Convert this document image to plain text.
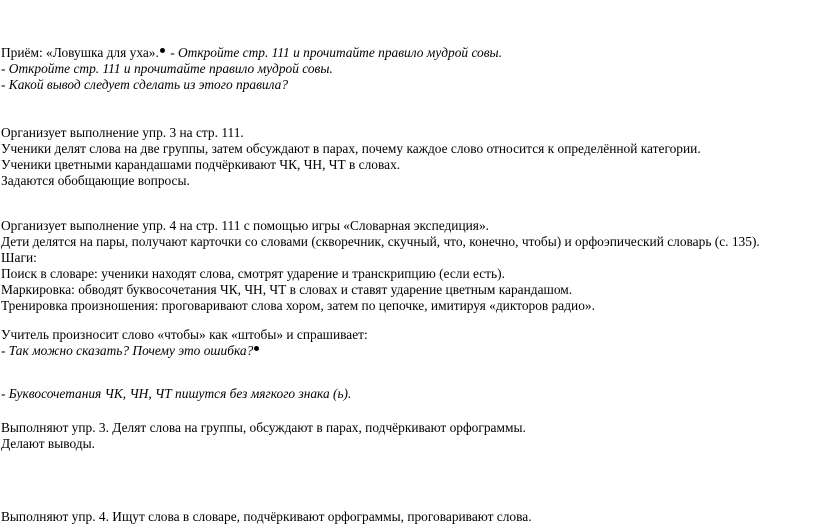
Приём: «Ловушка для уха». - Откройте стр. 111 и прочитайте правило мудрой совы.
- Откройте стр. 111 и прочитайте правило мудрой совы.
- Какой вывод следует сделать из этого правила?
Организует выполнение упр. 3 на стр. 111.
Ученики делят слова на две группы, затем обсуждают в парах, почему каждое слово относится к определённой категории.
Ученики цветными карандашами подчёркивают ЧК, ЧН, ЧТ в словах.
Задаются обобщающие вопросы.
Организует выполнение упр. 4 на стр. 111 с помощью игры «Словарная экспедиция».
Дети делятся на пары, получают карточки со словами (скворечник, скучный, что, конечно, чтобы) и орфоэпический словарь (с. 135).
Шаги:
Поиск в словаре: ученики находят слова, смотрят ударение и транскрипцию (если есть).
Маркировка: обводят буквосочетания ЧК, ЧН, ЧТ в словах и ставят ударение цветным карандашом.
Тренировка произношения: проговаривают слова хором, затем по цепочке, имитируя «дикторов радио».
Учитель произносит слово «чтобы» как «штобы» и спрашивает:
- Так можно сказать? Почему это ошибка?
- Буквосочетания ЧК, ЧН, ЧТ пишутся без мягкого знака (ь).
Выполняют упр. 3. Делят слова на группы, обсуждают в парах, подчёркивают орфограммы.
Делают выводы.
Выполняют упр. 4. Ищут слова в словаре, подчёркивают орфограммы, проговаривают слова.
